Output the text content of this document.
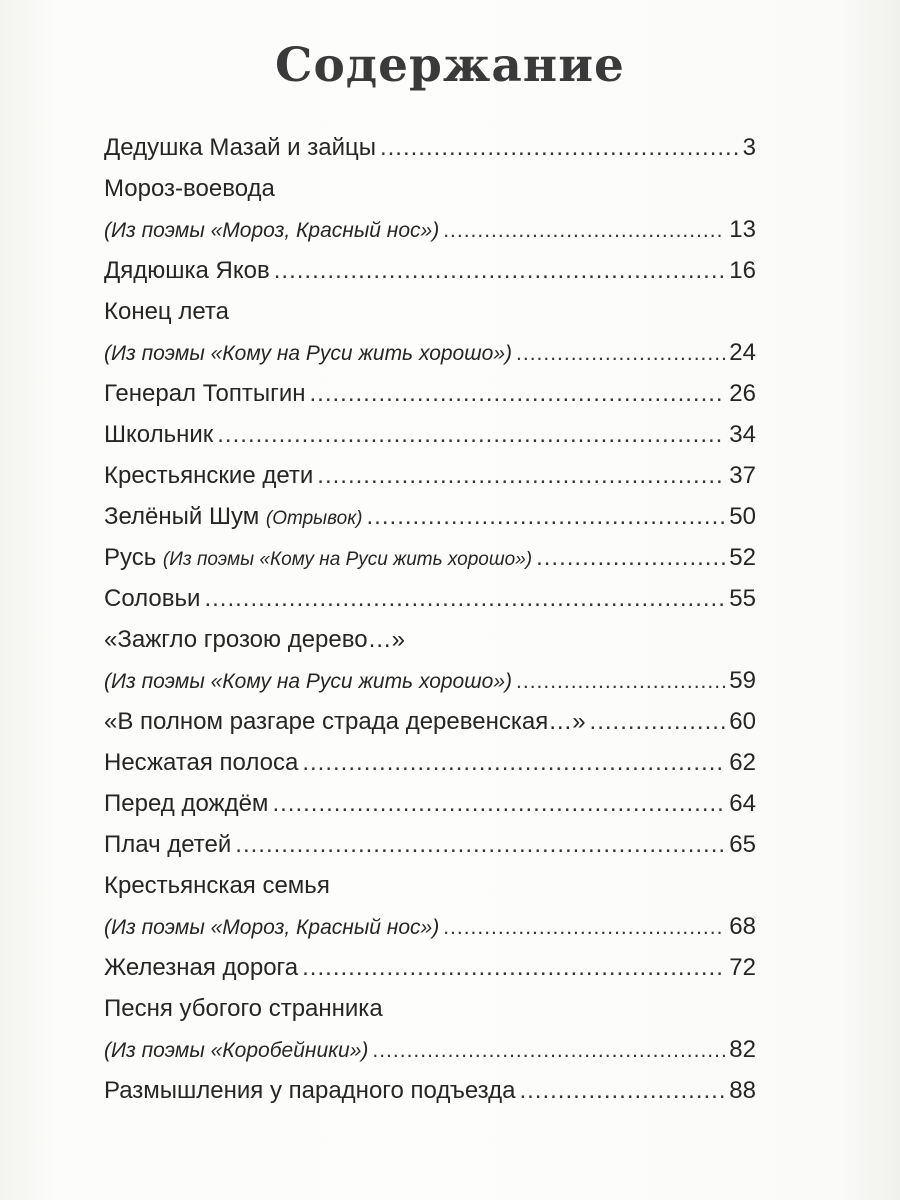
Содержание
Дедушка Мазай и зайцы .....	3
Мороз-воевода
(Из поэмы «Мороз, Красный нос») .....	13
Дядюшка Яков .....	16
Конец лета
(Из поэмы «Кому на Руси жить хорошо») .....	24
Генерал Топтыгин .....	26
Школьник .....	34
Крестьянские дети .....	37
Зелёный Шум (Отрывок) .....	50
Русь (Из поэмы «Кому на Руси жить хорошо») .....	52
Соловьи .....	55
«Зажгло грозою дерево…»
(Из поэмы «Кому на Руси жить хорошо») .....	59
«В полном разгаре страда деревенская…» .....	60
Несжатая полоса .....	62
Перед дождём .....	64
Плач детей .....	65
Крестьянская семья
(Из поэмы «Мороз, Красный нос») .....	68
Железная дорога .....	72
Песня убогого странника
(Из поэмы «Коробейники») .....	82
Размышления у парадного подъезда .....	88
